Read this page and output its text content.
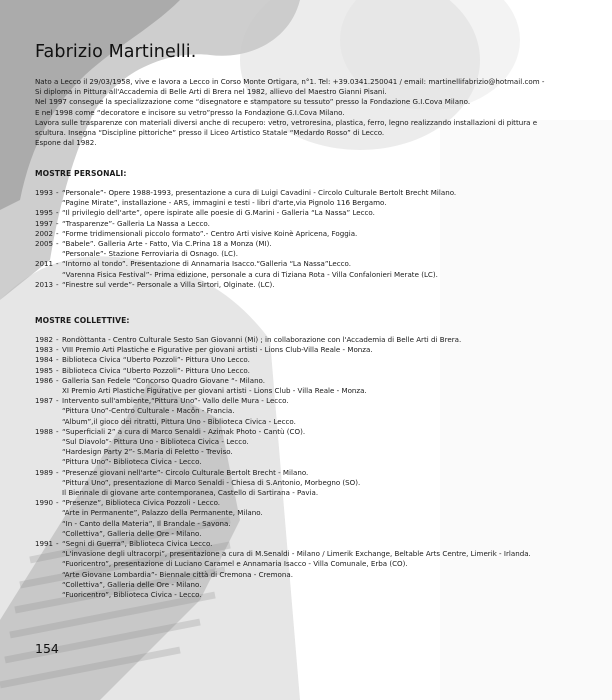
Fabrizio Martinelli.

Nato a Lecco il 29/03/1958, vive e lavora a Lecco in Corso Monte Ortigara, n°1. Tel: +39.0341.250041 / email: martinellifabrizio@hotmail.com -

Si diploma in Pittura all'Accademia di Belle Arti di Brera nel 1982, allievo del Maestro Gianni Pisani.

Nel 1997 consegue la specializzazione come “disegnatore e stampatore su tessuto” presso la Fondazione G.I.Cova Milano.

E nel 1998 come “decoratore e incisore su vetro”presso la Fondazione G.I.Cova Milano.

Lavora sulle trasparenze con materiali diversi anche di recupero: vetro, vetroresina, plastica, ferro, legno realizzando installazioni di pittura e

scultura. Insegna “Discipline pittoriche” presso il Liceo Artistico Statale “Medardo Rosso” di Lecco.

Espone dal 1982.

MOSTRE PERSONALI:
1993 - “Personale”- Opere 1988-1993, presentazione a cura di Luigi Cavadini - Circolo Culturale Bertolt Brecht Milano.
“Pagine Mirate”, installazione - ARS, immagini e testi - libri d'arte,via Pignolo 116 Bergamo.
1995 - “Il privilegio dell'arte”, opere ispirate alle poesie di G.Marini - Galleria “La Nassa” Lecco.
1997 - “Trasparenze”- Galleria La Nassa a Lecco.
2002 - “Forme tridimensionali piccolo formato”.- Centro Arti visive Koinè Apricena, Foggia.
2005 - “Babele”. Galleria Arte - Fatto, Via C.Prina 18 a Monza (MI).
“Personale”- Stazione Ferroviaria di Osnago. (LC).
2011 - “Intorno al tondo”. Presentazione di Annamaria Isacco.“Galleria “La Nassa”Lecco.
“Varenna Fisica Festival”- Prima edizione, personale a cura di Tiziana Rota - Villa Confalonieri Merate (LC).
2013 - “Finestre sul verde”- Personale a Villa Sirtori, Olginate. (LC).
MOSTRE COLLETTIVE:
1982 - Rondòttanta - Centro Culturale Sesto San Giovanni (Mi) ; in collaborazione con l'Accademia di Belle Arti di Brera.
1983 - VIII Premio Arti Plastiche e Figurative per giovani artisti - Lions Club-Villa Reale - Monza.
1984 - Biblioteca Civica “Uberto Pozzoli”- Pittura Uno Lecco.
1985 - Biblioteca Civica “Uberto Pozzoli”- Pittura Uno Lecco.
1986 - Galleria San Fedele “Concorso Quadro Giovane “- Milano.
XI Premio Arti Plastiche Figurative per giovani artisti - Lions Club - Villa Reale - Monza.
1987 - Intervento sull'ambiente,“Pittura Uno”- Vallo delle Mura - Lecco.
“Pittura Uno”-Centro Culturale - Macôn - Francia.
“Album”,il gioco dei ritratti, Pittura Uno - Biblioteca Civica - Lecco.
1988 - “Superficiali 2” a cura di Marco Senaldi - Azimak Photo - Cantù (CO).
“Sul Diavolo”- Pittura Uno - Biblioteca Civica - Lecco.
“Hardesign Party 2”- S.Maria di Feletto - Treviso.
“Pittura Uno”- Biblioteca Civica - Lecco.
1989 - “Presenze giovani nell'arte”- Circolo Culturale Bertolt Brecht - Milano.
“Pittura Uno”, presentazione di Marco Senaldi - Chiesa di S.Antonio, Morbegno (SO).
Il Biennale di giovane arte contemporanea, Castello di Sartirana - Pavia.
1990 - “Presenze”, Biblioteca Civica Pozzoli - Lecco.
“Arte in Permanente”, Palazzo della Permanente, Milano.
“In - Canto della Materia”, Il Brandale - Savona.
“Collettiva”, Galleria delle Ore - Milano.
1991 - “Segni di Guerra”, Biblioteca Civica Lecco.
“L'invasione degli ultracorpi”, presentazione a cura di M.Senaldi - Milano / Limerik Exchange, Beltable Arts Centre, Limerik - Irlanda.
“Fuoricentro”, presentazione di Luciano Caramel e Annamaria Isacco - Villa Comunale, Erba (CO).
“Arte Giovane Lombardia”- Biennale città di Cremona - Cremona.
“Collettiva”, Galleria delle Ore - Milano.
“Fuoricentro”, Biblioteca Civica - Lecco.
154
